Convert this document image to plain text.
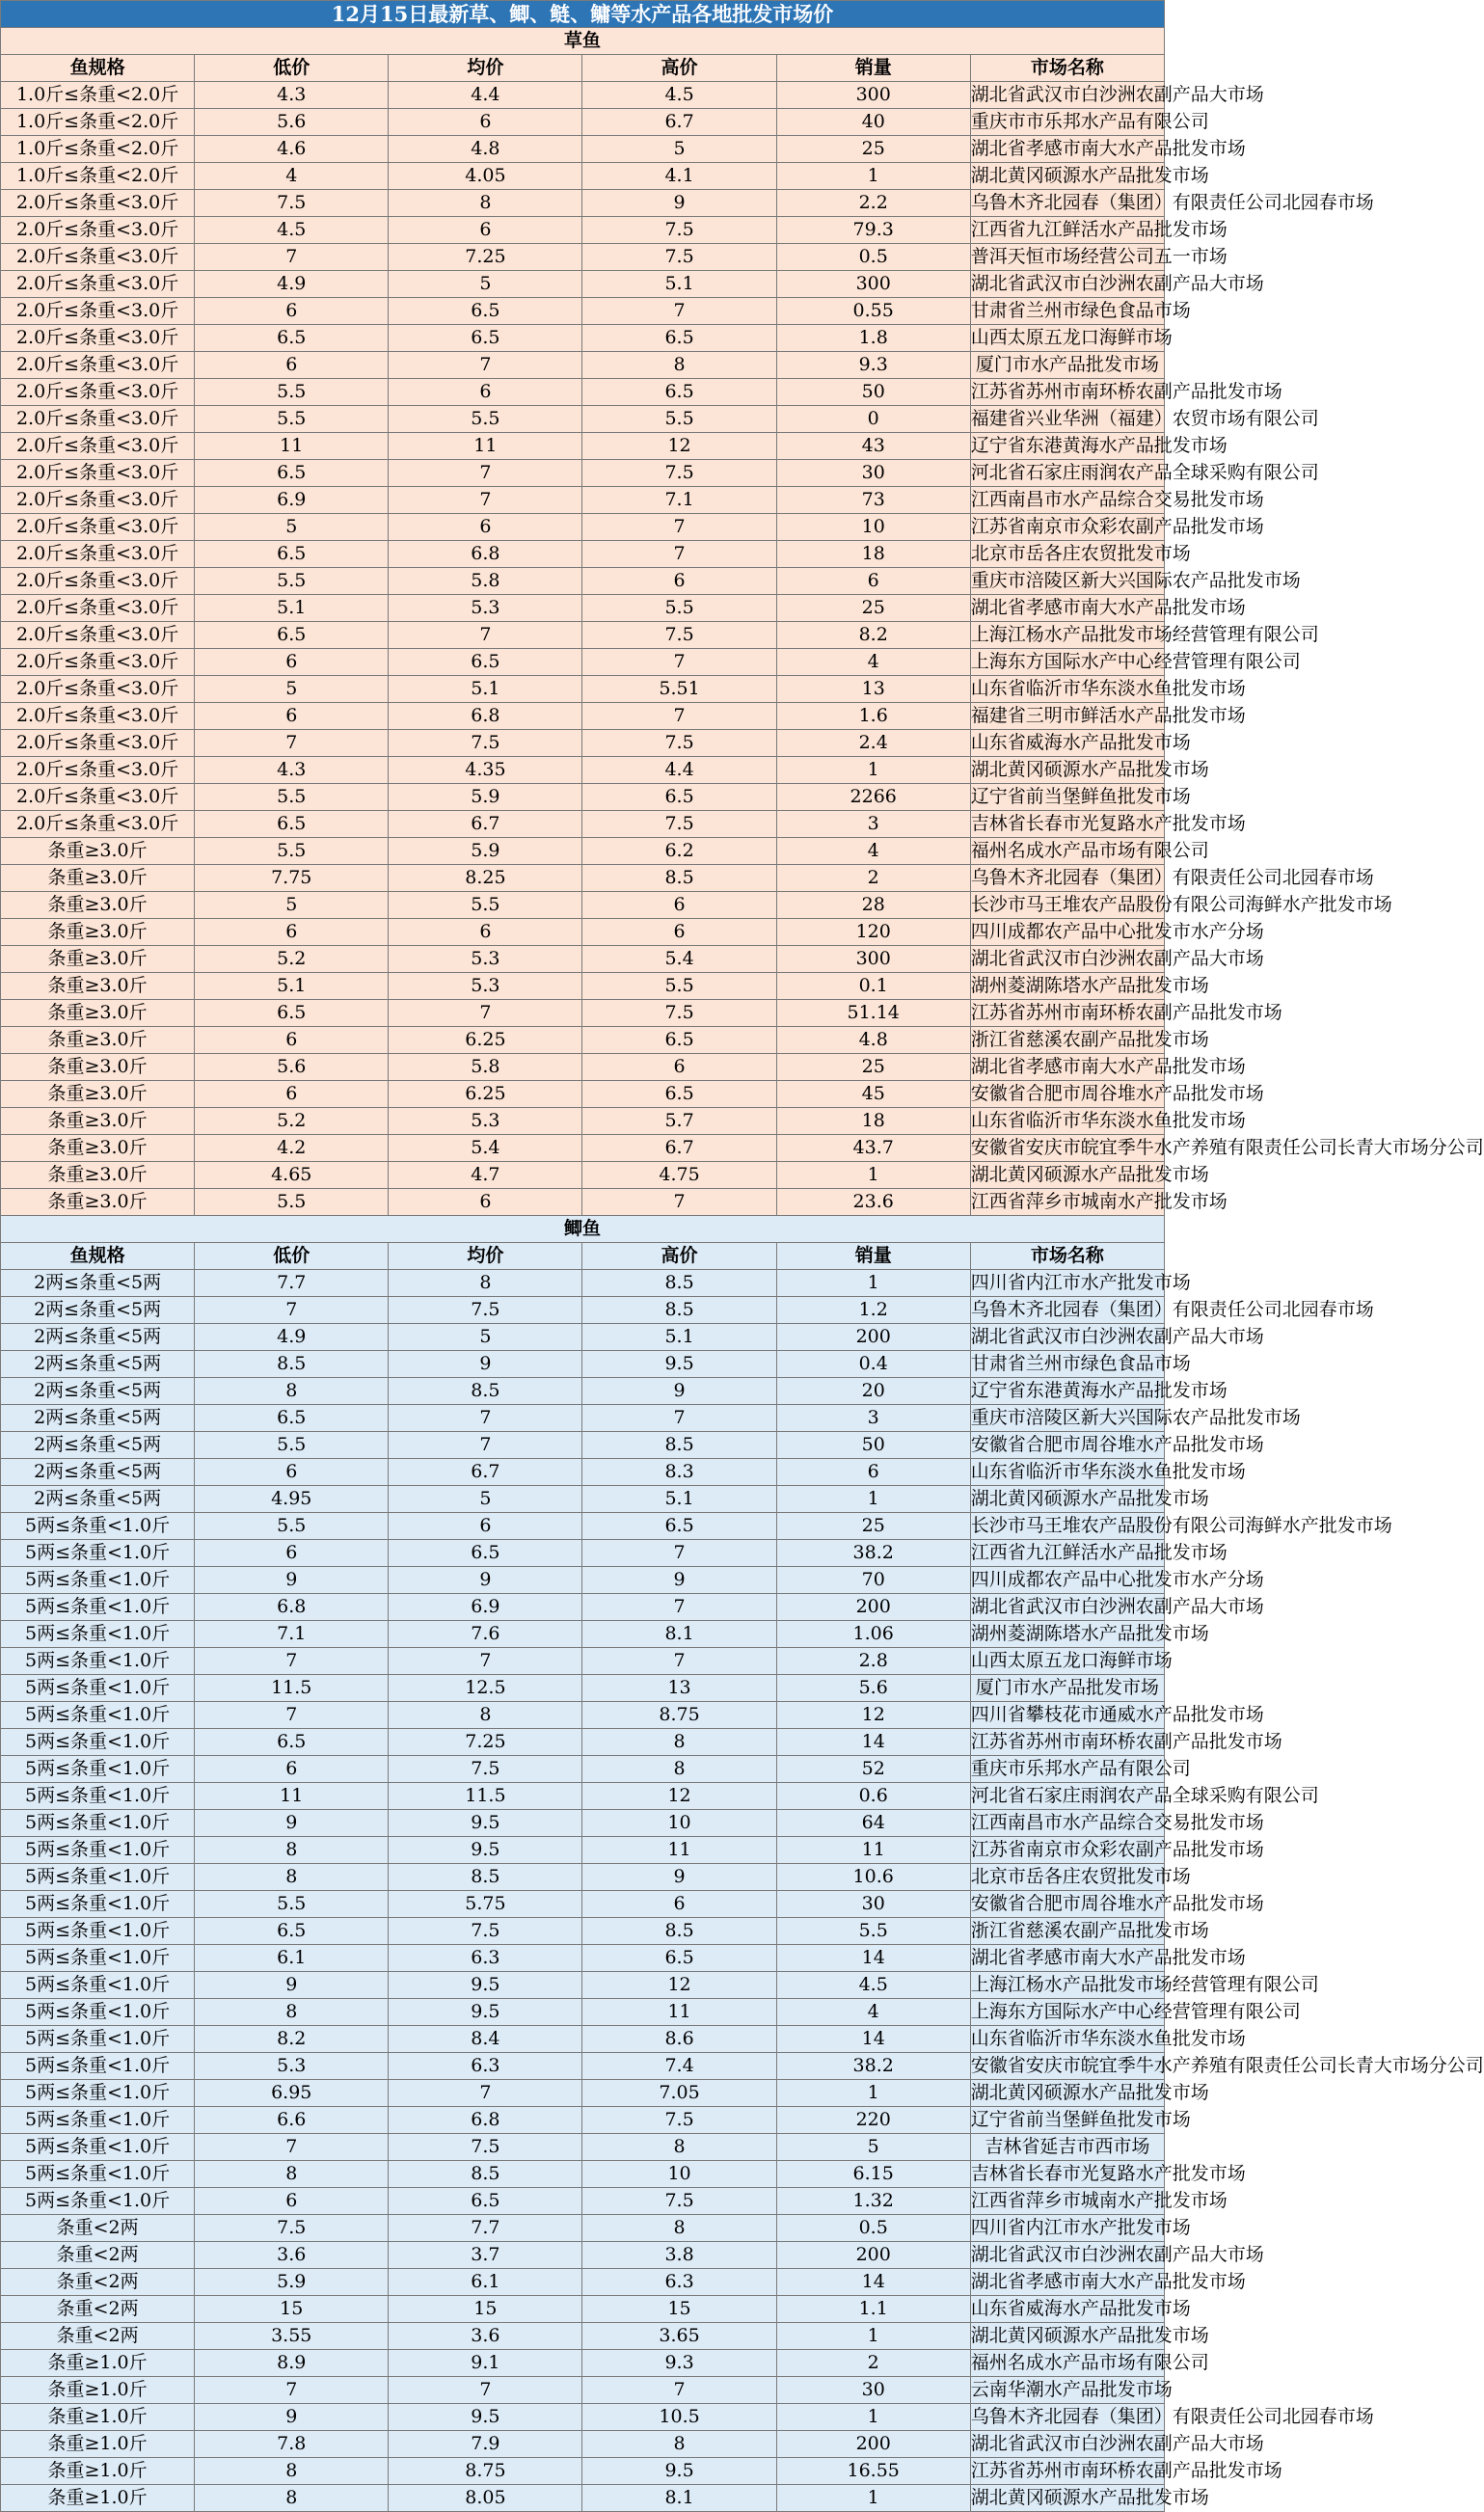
12月15日最新草、鲫、鲢、鳙等水产品各地批发市场价					
草鱼					
鱼规格	低价	均价	高价	销量	市场名称
1.0斤≤条重<2.0斤	4.3	4.4	4.5	300	湖北省武汉市白沙洲农副产品大市场
1.0斤≤条重<2.0斤	5.6	6	6.7	40	重庆市市乐邦水产品有限公司
1.0斤≤条重<2.0斤	4.6	4.8	5	25	湖北省孝感市南大水产品批发市场
1.0斤≤条重<2.0斤	4	4.05	4.1	1	湖北黄冈硕源水产品批发市场
2.0斤≤条重<3.0斤	7.5	8	9	2.2	乌鲁木齐北园春（集团）有限责任公司北园春市场
2.0斤≤条重<3.0斤	4.5	6	7.5	79.3	江西省九江鲜活水产品批发市场
2.0斤≤条重<3.0斤	7	7.25	7.5	0.5	普洱天恒市场经营公司五一市场
2.0斤≤条重<3.0斤	4.9	5	5.1	300	湖北省武汉市白沙洲农副产品大市场
2.0斤≤条重<3.0斤	6	6.5	7	0.55	甘肃省兰州市绿色食品市场
2.0斤≤条重<3.0斤	6.5	6.5	6.5	1.8	山西太原五龙口海鲜市场
2.0斤≤条重<3.0斤	6	7	8	9.3	厦门市水产品批发市场
2.0斤≤条重<3.0斤	5.5	6	6.5	50	江苏省苏州市南环桥农副产品批发市场
2.0斤≤条重<3.0斤	5.5	5.5	5.5	0	福建省兴业华洲（福建）农贸市场有限公司
2.0斤≤条重<3.0斤	11	11	12	43	辽宁省东港黄海水产品批发市场
2.0斤≤条重<3.0斤	6.5	7	7.5	30	河北省石家庄雨润农产品全球采购有限公司
2.0斤≤条重<3.0斤	6.9	7	7.1	73	江西南昌市水产品综合交易批发市场
2.0斤≤条重<3.0斤	5	6	7	10	江苏省南京市众彩农副产品批发市场
2.0斤≤条重<3.0斤	6.5	6.8	7	18	北京市岳各庄农贸批发市场
2.0斤≤条重<3.0斤	5.5	5.8	6	6	重庆市涪陵区新大兴国际农产品批发市场
2.0斤≤条重<3.0斤	5.1	5.3	5.5	25	湖北省孝感市南大水产品批发市场
2.0斤≤条重<3.0斤	6.5	7	7.5	8.2	上海江杨水产品批发市场经营管理有限公司
2.0斤≤条重<3.0斤	6	6.5	7	4	上海东方国际水产中心经营管理有限公司
2.0斤≤条重<3.0斤	5	5.1	5.51	13	山东省临沂市华东淡水鱼批发市场
2.0斤≤条重<3.0斤	6	6.8	7	1.6	福建省三明市鲜活水产品批发市场
2.0斤≤条重<3.0斤	7	7.5	7.5	2.4	山东省威海水产品批发市场
2.0斤≤条重<3.0斤	4.3	4.35	4.4	1	湖北黄冈硕源水产品批发市场
2.0斤≤条重<3.0斤	5.5	5.9	6.5	2266	辽宁省前当堡鲜鱼批发市场
2.0斤≤条重<3.0斤	6.5	6.7	7.5	3	吉林省长春市光复路水产批发市场
条重≥3.0斤	5.5	5.9	6.2	4	福州名成水产品市场有限公司
条重≥3.0斤	7.75	8.25	8.5	2	乌鲁木齐北园春（集团）有限责任公司北园春市场
条重≥3.0斤	5	5.5	6	28	长沙市马王堆农产品股份有限公司海鲜水产批发市场
条重≥3.0斤	6	6	6	120	四川成都农产品中心批发市水产分场
条重≥3.0斤	5.2	5.3	5.4	300	湖北省武汉市白沙洲农副产品大市场
条重≥3.0斤	5.1	5.3	5.5	0.1	湖州菱湖陈塔水产品批发市场
条重≥3.0斤	6.5	7	7.5	51.14	江苏省苏州市南环桥农副产品批发市场
条重≥3.0斤	6	6.25	6.5	4.8	浙江省慈溪农副产品批发市场
条重≥3.0斤	5.6	5.8	6	25	湖北省孝感市南大水产品批发市场
条重≥3.0斤	6	6.25	6.5	45	安徽省合肥市周谷堆水产品批发市场
条重≥3.0斤	5.2	5.3	5.7	18	山东省临沂市华东淡水鱼批发市场
条重≥3.0斤	4.2	5.4	6.7	43.7	安徽省安庆市皖宜季牛水产养殖有限责任公司长青大市场分公司
条重≥3.0斤	4.65	4.7	4.75	1	湖北黄冈硕源水产品批发市场
条重≥3.0斤	5.5	6	7	23.6	江西省萍乡市城南水产批发市场
鲫鱼					
鱼规格	低价	均价	高价	销量	市场名称
2两≤条重<5两	7.7	8	8.5	1	四川省内江市水产批发市场
2两≤条重<5两	7	7.5	8.5	1.2	乌鲁木齐北园春（集团）有限责任公司北园春市场
2两≤条重<5两	4.9	5	5.1	200	湖北省武汉市白沙洲农副产品大市场
2两≤条重<5两	8.5	9	9.5	0.4	甘肃省兰州市绿色食品市场
2两≤条重<5两	8	8.5	9	20	辽宁省东港黄海水产品批发市场
2两≤条重<5两	6.5	7	7	3	重庆市涪陵区新大兴国际农产品批发市场
2两≤条重<5两	5.5	7	8.5	50	安徽省合肥市周谷堆水产品批发市场
2两≤条重<5两	6	6.7	8.3	6	山东省临沂市华东淡水鱼批发市场
2两≤条重<5两	4.95	5	5.1	1	湖北黄冈硕源水产品批发市场
5两≤条重<1.0斤	5.5	6	6.5	25	长沙市马王堆农产品股份有限公司海鲜水产批发市场
5两≤条重<1.0斤	6	6.5	7	38.2	江西省九江鲜活水产品批发市场
5两≤条重<1.0斤	9	9	9	70	四川成都农产品中心批发市水产分场
5两≤条重<1.0斤	6.8	6.9	7	200	湖北省武汉市白沙洲农副产品大市场
5两≤条重<1.0斤	7.1	7.6	8.1	1.06	湖州菱湖陈塔水产品批发市场
5两≤条重<1.0斤	7	7	7	2.8	山西太原五龙口海鲜市场
5两≤条重<1.0斤	11.5	12.5	13	5.6	厦门市水产品批发市场
5两≤条重<1.0斤	7	8	8.75	12	四川省攀枝花市通威水产品批发市场
5两≤条重<1.0斤	6.5	7.25	8	14	江苏省苏州市南环桥农副产品批发市场
5两≤条重<1.0斤	6	7.5	8	52	重庆市乐邦水产品有限公司
5两≤条重<1.0斤	11	11.5	12	0.6	河北省石家庄雨润农产品全球采购有限公司
5两≤条重<1.0斤	9	9.5	10	64	江西南昌市水产品综合交易批发市场
5两≤条重<1.0斤	8	9.5	11	11	江苏省南京市众彩农副产品批发市场
5两≤条重<1.0斤	8	8.5	9	10.6	北京市岳各庄农贸批发市场
5两≤条重<1.0斤	5.5	5.75	6	30	安徽省合肥市周谷堆水产品批发市场
5两≤条重<1.0斤	6.5	7.5	8.5	5.5	浙江省慈溪农副产品批发市场
5两≤条重<1.0斤	6.1	6.3	6.5	14	湖北省孝感市南大水产品批发市场
5两≤条重<1.0斤	9	9.5	12	4.5	上海江杨水产品批发市场经营管理有限公司
5两≤条重<1.0斤	8	9.5	11	4	上海东方国际水产中心经营管理有限公司
5两≤条重<1.0斤	8.2	8.4	8.6	14	山东省临沂市华东淡水鱼批发市场
5两≤条重<1.0斤	5.3	6.3	7.4	38.2	安徽省安庆市皖宜季牛水产养殖有限责任公司长青大市场分公司
5两≤条重<1.0斤	6.95	7	7.05	1	湖北黄冈硕源水产品批发市场
5两≤条重<1.0斤	6.6	6.8	7.5	220	辽宁省前当堡鲜鱼批发市场
5两≤条重<1.0斤	7	7.5	8	5	吉林省延吉市西市场
5两≤条重<1.0斤	8	8.5	10	6.15	吉林省长春市光复路水产批发市场
5两≤条重<1.0斤	6	6.5	7.5	1.32	江西省萍乡市城南水产批发市场
条重<2两	7.5	7.7	8	0.5	四川省内江市水产批发市场
条重<2两	3.6	3.7	3.8	200	湖北省武汉市白沙洲农副产品大市场
条重<2两	5.9	6.1	6.3	14	湖北省孝感市南大水产品批发市场
条重<2两	15	15	15	1.1	山东省威海水产品批发市场
条重<2两	3.55	3.6	3.65	1	湖北黄冈硕源水产品批发市场
条重≥1.0斤	8.9	9.1	9.3	2	福州名成水产品市场有限公司
条重≥1.0斤	7	7	7	30	云南华潮水产品批发市场
条重≥1.0斤	9	9.5	10.5	1	乌鲁木齐北园春（集团）有限责任公司北园春市场
条重≥1.0斤	7.8	7.9	8	200	湖北省武汉市白沙洲农副产品大市场
条重≥1.0斤	8	8.75	9.5	16.55	江苏省苏州市南环桥农副产品批发市场
条重≥1.0斤	8	8.05	8.1	1	湖北黄冈硕源水产品批发市场
